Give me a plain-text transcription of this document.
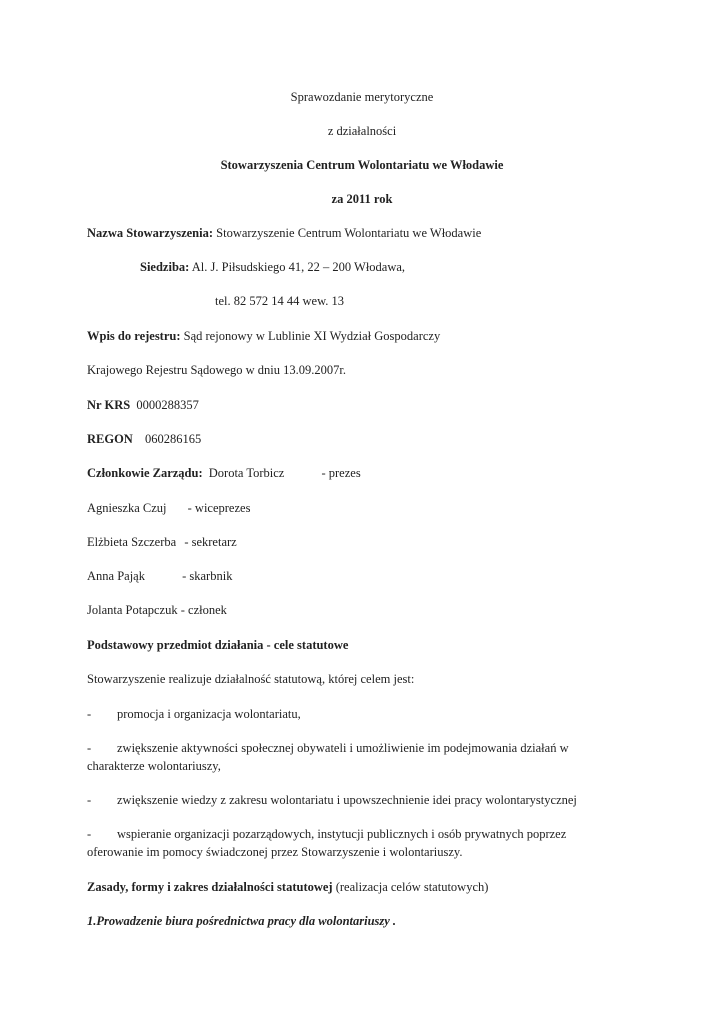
Sprawozdanie merytoryczne
z działalności
Stowarzyszenia Centrum Wolontariatu we Włodawie
za 2011 rok
Nazwa Stowarzyszenia: Stowarzyszenie Centrum Wolontariatu we Włodawie
Siedziba: Al. J. Piłsudskiego 41, 22 – 200 Włodawa,
tel. 82 572 14 44 wew. 13
Wpis do rejestru: Sąd rejonowy w Lublinie XI Wydział Gospodarczy
Krajowego Rejestru Sądowego w dniu 13.09.2007r.
Nr KRS 0000288357
REGON 060286165
Członkowie Zarządu: Dorota Torbicz	- prezes
Agnieszka Czuj - wiceprezes
Elżbieta Szczerba - sekretarz
Anna Pająk	- skarbnik
Jolanta Potapczuk - członek
Podstawowy przedmiot działania - cele statutowe
Stowarzyszenie realizuje działalność statutową, której celem jest:
- promocja i organizacja wolontariatu,
- zwiększenie aktywności społecznej obywateli i umożliwienie im podejmowania działań w
charakterze wolontariuszy,
- zwiększenie wiedzy z zakresu wolontariatu i upowszechnienie idei pracy wolontarystycznej
- wspieranie organizacji pozarządowych, instytucji publicznych i osób prywatnych poprzez
oferowanie im pomocy świadczonej przez Stowarzyszenie i wolontariuszy.
Zasady, formy i zakres działalności statutowej (realizacja celów statutowych)
1.Prowadzenie biura pośrednictwa pracy dla wolontariuszy .
